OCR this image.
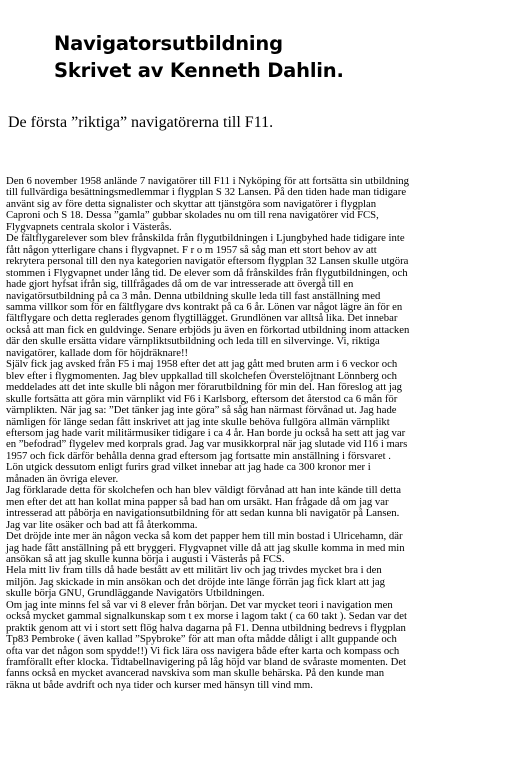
Navigatorsutbildning
Skrivet av Kenneth Dahlin.
De första ”riktiga” navigatörerna till F11.

Den 6 november 1958 anlände 7 navigatörer till F11 i Nyköping för att fortsätta sin utbildning

till fullvärdiga besättningsmedlemmar i flygplan S 32 Lansen. På den tiden hade man tidigare

använt sig av före detta signalister och skyttar att tjänstgöra som navigatörer i flygplan

Caproni och S 18. Dessa ”gamla” gubbar skolades nu om till rena navigatörer vid FCS,

Flygvapnets centrala skolor i Västerås.

De fältflygarelever som blev frånskilda från flygutbildningen i Ljungbyhed hade tidigare inte

fått någon ytterligare chans i flygvapnet. F r o m 1957 så såg man ett stort behov av att

rekrytera personal till den nya kategorien navigatör eftersom flygplan 32 Lansen skulle utgöra

stommen i Flygvapnet under lång tid. De elever som då frånskildes från flygutbildningen, och

hade gjort hyfsat ifrån sig, tillfrågades då om de var intresserade att övergå till en

navigatörsutbildning på ca 3 mån. Denna utbildning skulle leda till fast anställning med

samma villkor som för en fältflygare dvs kontrakt på ca 6 år. Lönen var något lägre än för en

fältflygare och detta reglerades genom flygtillägget. Grundlönen var alltså lika. Det innebar

också att man fick en guldvinge. Senare erbjöds ju även en förkortad utbildning inom attacken

där den skulle ersätta vidare värnpliktsutbildning och leda till en silvervinge. Vi, riktiga

navigatörer, kallade dom för höjdräknare!!

Själv fick jag avsked från F5 i maj 1958 efter det att jag gått med bruten arm i 6 veckor och

blev efter i flygmomenten. Jag blev uppkallad till skolchefen Överstelöjtnant Lönnberg och

meddelades att det inte skulle bli någon mer förarutbildning för min del. Han föreslog att jag

skulle fortsätta att göra min värnplikt vid F6 i Karlsborg, eftersom det återstod ca 6 mån för

värnplikten. När jag sa: ”Det tänker jag inte göra” så såg han närmast förvånad ut. Jag hade

nämligen för länge sedan fått inskrivet att jag inte skulle behöva fullgöra allmän värnplikt

eftersom jag hade varit militärmusiker tidigare i ca 4 år. Han borde ju också ha sett att jag var

en ”befodrad” flygelev med korprals grad. Jag var musikkorpral när jag slutade vid I16 i mars

1957 och fick därför behålla denna grad eftersom jag fortsatte min anställning i försvaret .

Lön utgick dessutom enligt furirs grad vilket innebar att jag hade ca 300 kronor mer i

månaden än övriga elever.

Jag förklarade detta för skolchefen och han blev väldigt förvånad att han inte kände till detta

men efter det att han kollat mina papper så bad han om ursäkt. Han frågade då om jag var

intresserad att påbörja en navigationsutbildning för att sedan kunna bli navigatör på Lansen.

Jag var lite osäker och bad att få återkomma.

Det dröjde inte mer än någon vecka så kom det papper hem till min bostad i Ulricehamn, där

jag hade fått anställning på ett bryggeri. Flygvapnet ville då att jag skulle komma in med min

ansökan så att jag skulle kunna börja i augusti i Västerås på FCS.

Hela mitt liv fram tills då hade bestått av ett militärt liv och jag trivdes mycket bra i den

miljön. Jag skickade in min ansökan och det dröjde inte länge förrän jag fick klart att jag

skulle börja GNU, Grundläggande Navigatörs Utbildningen.

Om jag inte minns fel så var vi 8 elever från början. Det var mycket teori i navigation men

också mycket gammal signalkunskap som t ex morse i lagom takt ( ca 60 takt ). Sedan var det

praktik genom att vi i stort sett flög halva dagarna på F1. Denna utbildning bedrevs i flygplan

Tp83 Pembroke ( även kallad ”Spybroke” för att man ofta mådde dåligt i allt guppande och

ofta var det någon som spydde!!) Vi fick lära oss navigera både efter karta och kompass och

framförallt efter klocka. Tidtabellnavigering på låg höjd var bland de svåraste momenten. Det

fanns också en mycket avancerad navskiva som man skulle behärska. På den kunde man

räkna ut både avdrift och nya tider och kurser med hänsyn till vind mm.
